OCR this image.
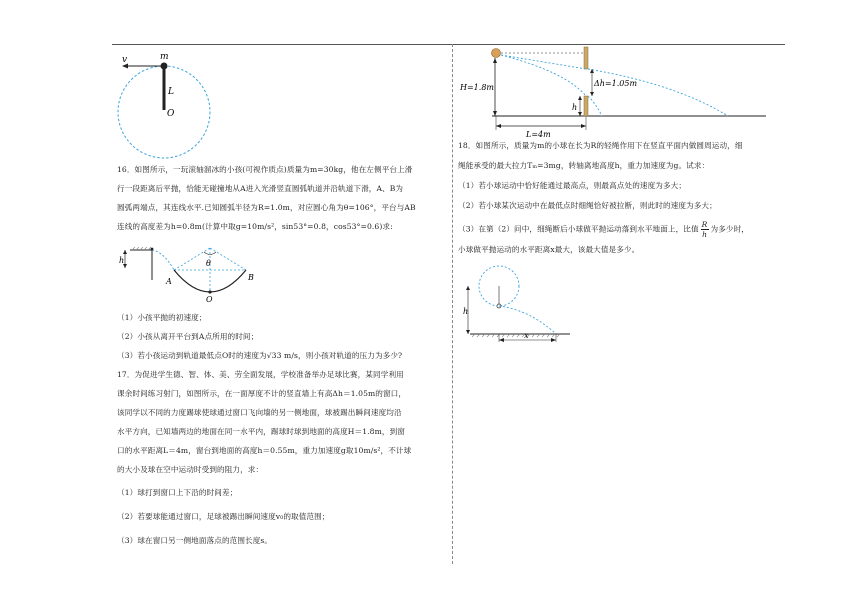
v	m
L
O
16．如图所示，一玩滚轴溜冰的小孩(可视作质点)质量为m=30kg，他在左侧平台上滑
行一段距离后平抛，恰能无碰撞地从A进入光滑竖直圆弧轨道并沿轨道下滑，A、B为
圆弧两端点，其连线水平.已知圆弧半径为R=1.0m，对应圆心角为θ=106°，平台与AB
连线的高度差为h=0.8m(计算中取g=10m/s²，sin53°=0.8，cos53°=0.6)求:
h	θ
A	B
O
（1）小孩平抛的初速度；
（2）小孩从离开平台到A点所用的时间；
（3）若小孩运动到轨道最低点O时的速度为√33 m/s，则小孩对轨道的压力为多少?
17．为促进学生德、智、体、美、劳全面发展，学校准备举办足球比赛，某同学利用
课余时间练习射门，如图所示，在一面厚度不计的竖直墙上有高Δh＝1.05m的窗口，
该同学以不同的力度踢球使球通过窗口飞向墙的另一侧地面，球被踢出瞬间速度均沿
水平方向，已知墙两边的地面在同一水平内，踢球时球到地面的高度H＝1.8m，到窗
口的水平距离L＝4m，窗台到地面的高度h＝0.55m，重力加速度g取10m/s²，不计球
的大小及球在空中运动时受到的阻力，求：
（1）球打到窗口上下沿的时间差；
（2）若要球能通过窗口，足球被踢出瞬间速度v₀的取值范围；
（3）球在窗口另一侧地面落点的范围长度s。
H=1.8m	Δh=1.05m
h
L=4m
18．如图所示，质量为m的小球在长为R的轻绳作用下在竖直平面内做圆周运动，细
绳能承受的最大拉力Tₘ=3mg，转轴离地高度h，重力加速度为g。试求：
（1）若小球运动中恰好能通过最高点，则最高点处的速度为多大；
（2）若小球某次运动中在最低点时细绳恰好被拉断，则此时的速度为多大；
（3）在第（2）问中，细绳断后小球做平抛运动落到水平地面上，比值 $\frac{R}{h}$ 为多少时，
小球做平抛运动的水平距离x最大，该最大值是多少。
h
x
